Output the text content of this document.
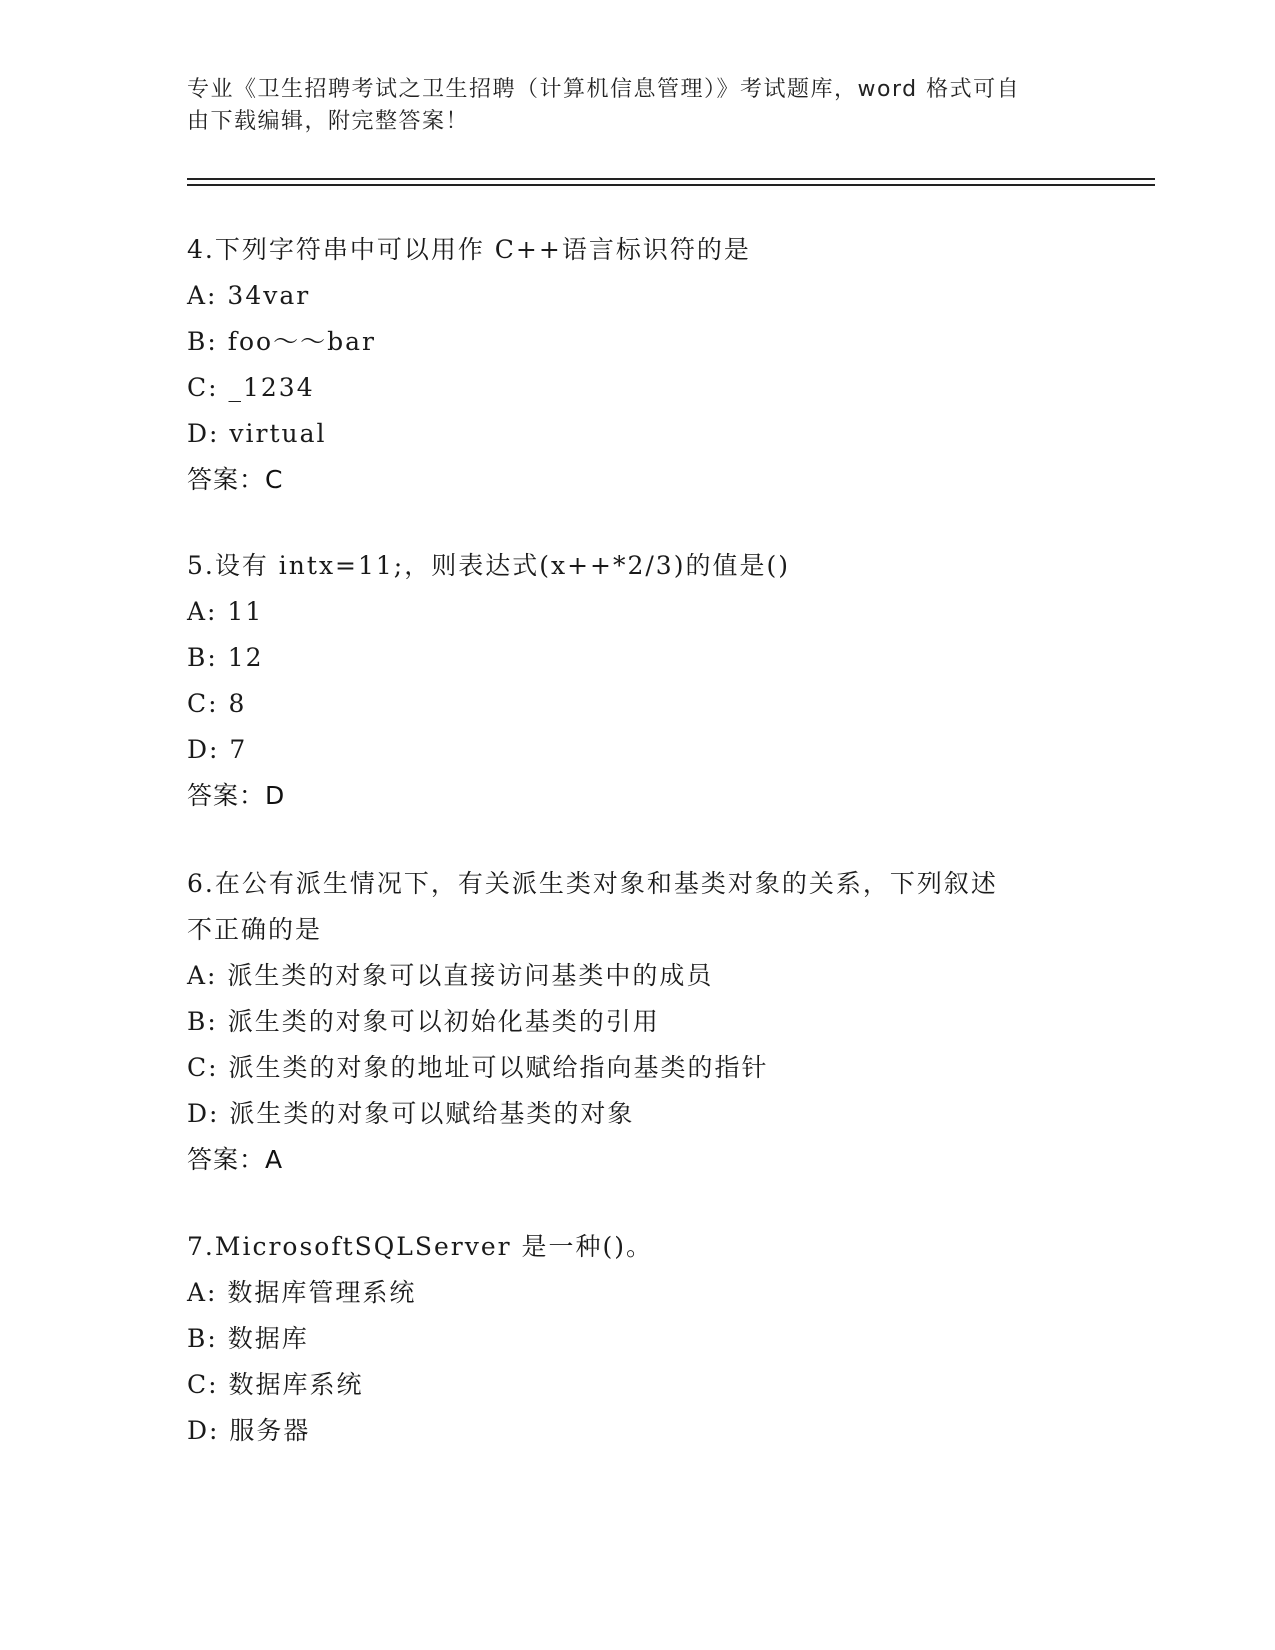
专业《卫生招聘考试之卫生招聘（计算机信息管理）》考试题库，word 格式可自
由下载编辑，附完整答案！
4.下列字符串中可以用作 C++语言标识符的是
A: 34var
B: foo～～bar
C: _1234
D: virtual
答案：C
5.设有 intx=11;，则表达式(x++*2/3)的值是()
A: 11
B: 12
C: 8
D: 7
答案：D
6.在公有派生情况下，有关派生类对象和基类对象的关系，下列叙述
不正确的是
A: 派生类的对象可以直接访问基类中的成员
B: 派生类的对象可以初始化基类的引用
C: 派生类的对象的地址可以赋给指向基类的指针
D: 派生类的对象可以赋给基类的对象
答案：A
7.MicrosoftSQLServer 是一种()。
A: 数据库管理系统
B: 数据库
C: 数据库系统
D: 服务器
